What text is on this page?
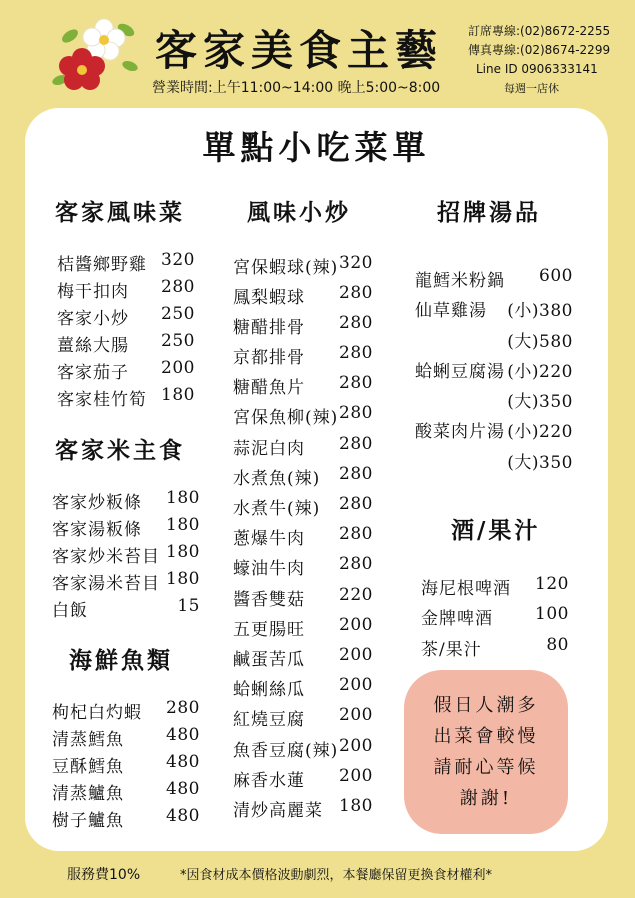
客家美食主藝
營業時間:上午11:00~14:00 晚上5:00~8:00
訂席專線:(02)8672-2255
傳真專線:(02)8674-2299
Line ID 0906333141
每週一店休
單點小吃菜單
客家風味菜
桔醬鄉野雞 320
梅干扣肉	280
客家小炒	250
薑絲大腸	250
客家茄子	200
客家桂竹筍 180
客家米主食
客家炒粄條	180
客家湯粄條	180
客家炒米苔目 180
客家湯米苔目 180
白飯	15
海鮮魚類
枸杞白灼蝦	280
清蒸鱈魚	480
豆酥鱈魚	480
清蒸鱸魚	480
樹子鱸魚	480
風味小炒
宮保蝦球(辣) 320
鳳梨蝦球	280
糖醋排骨	280
京都排骨	280
糖醋魚片	280
宮保魚柳(辣) 280
蒜泥白肉	280
水煮魚(辣)	280
水煮牛(辣)	280
蔥爆牛肉	280
蠔油牛肉	280
醬香雙菇	220
五更腸旺	200
鹹蛋苦瓜	200
蛤蜊絲瓜	200
紅燒豆腐	200
魚香豆腐(辣) 200
麻香水蓮	200
清炒高麗菜 180
招牌湯品
龍鱈米粉鍋	600
仙草雞湯	(小)380
(大)580
蛤蜊豆腐湯 (小)220
(大)350
酸菜肉片湯 (小)220
(大)350
酒/果汁
海尼根啤酒	120
金牌啤酒	100
茶/果汁	80
假日人潮多
出菜會較慢
請耐心等候
謝謝!
服務費10%	*因食材成本價格波動劇烈，本餐廳保留更換食材權利*
